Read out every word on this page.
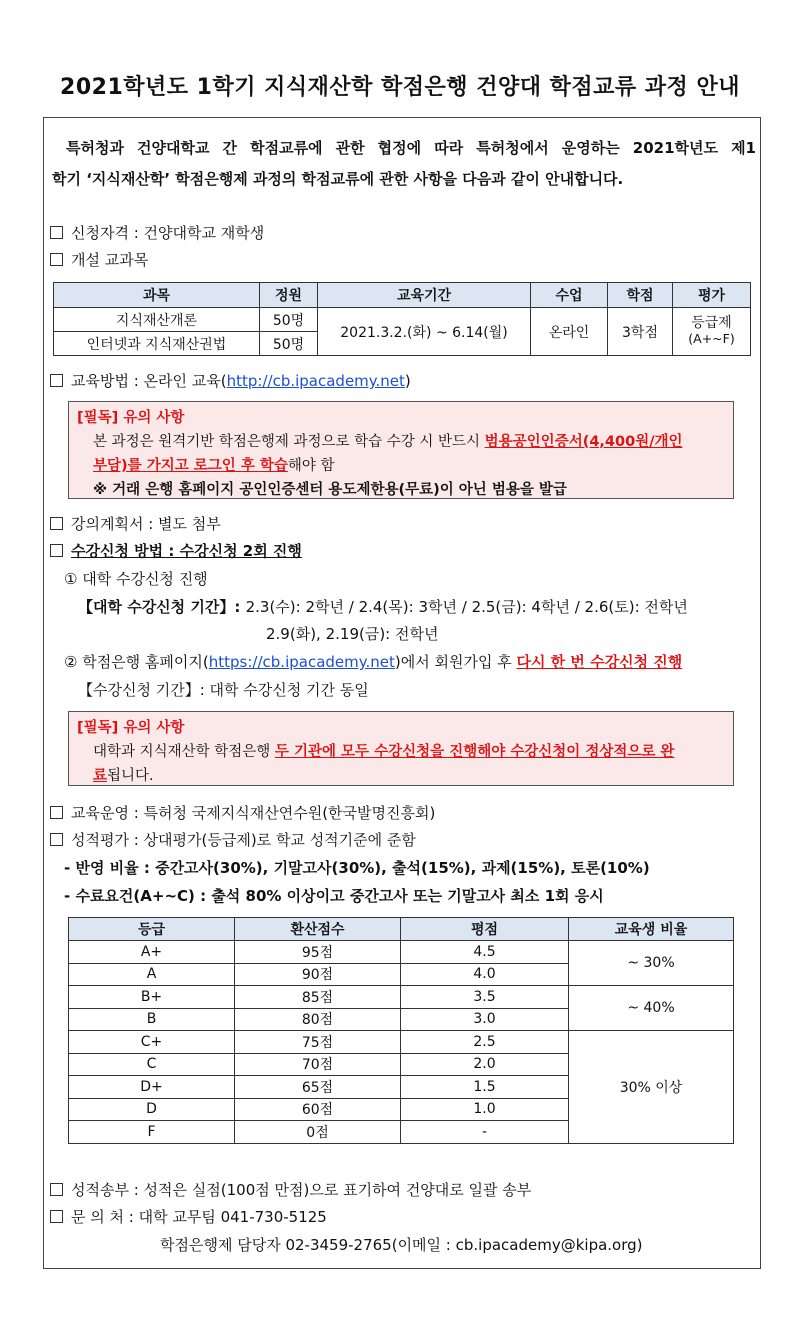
2021학년도 1학기 지식재산학 학점은행 건양대 학점교류 과정 안내

특허청과 건양대학교 간 학점교류에 관한 협정에 따라 특허청에서 운영하는 2021학년도 제1

학기 ‘지식재산학’ 학점은행제 과정의 학점교류에 관한 사항을 다음과 같이 안내합니다.

신청자격 : 건양대학교 재학생
개설 교과목
과목	정원	교육기간	수업	학점	평가
지식재산개론	50명	2021.3.2.(화) ~ 6.14(월)	온라인	3학점	등급제
(A+~F)
인터넷과 지식재산권법	50명				
교육방법 : 온라인 교육(http://cb.ipacademy.net)
[필독] 유의 사항
본 과정은 원격기반 학점은행제 과정으로 학습 수강 시 반드시 범용공인인증서(4,400원/개인
부담)를 가지고 로그인 후 학습해야 함
※ 거래 은행 홈페이지 공인인증센터 용도제한용(무료)이 아닌 범용을 발급
강의계획서 : 별도 첨부
수강신청 방법 : 수강신청 2회 진행
① 대학 수강신청 진행
【대학 수강신청 기간】: 2.3(수): 2학년 / 2.4(목): 3학년 / 2.5(금): 4학년 / 2.6(토): 전학년
2.9(화), 2.19(금): 전학년
② 학점은행 홈페이지(https://cb.ipacademy.net)에서 회원가입 후 다시 한 번 수강신청 진행
【수강신청 기간】: 대학 수강신청 기간 동일
[필독] 유의 사항
대학과 지식재산학 학점은행 두 기관에 모두 수강신청을 진행해야 수강신청이 정상적으로 완
료됩니다.
교육운영 : 특허청 국제지식재산연수원(한국발명진흥회)
성적평가 : 상대평가(등급제)로 학교 성적기준에 준함
- 반영 비율 : 중간고사(30%), 기말고사(30%), 출석(15%), 과제(15%), 토론(10%)
- 수료요건(A+~C) : 출석 80% 이상이고 중간고사 또는 기말고사 최소 1회 응시
등급	환산점수	평점	교육생 비율
A+	95점	4.5	~ 30%
A	90점	4.0	
B+	85점	3.5	~ 40%
B	80점	3.0	
C+	75점	2.5	30% 이상
C	70점	2.0	
D+	65점	1.5	
D	60점	1.0	
F	0점	-	
성적송부 : 성적은 실점(100점 만점)으로 표기하여 건양대로 일괄 송부
문 의 처 : 대학 교무팀 041-730-5125
학점은행제 담당자 02-3459-2765(이메일 : cb.ipacademy@kipa.org)
